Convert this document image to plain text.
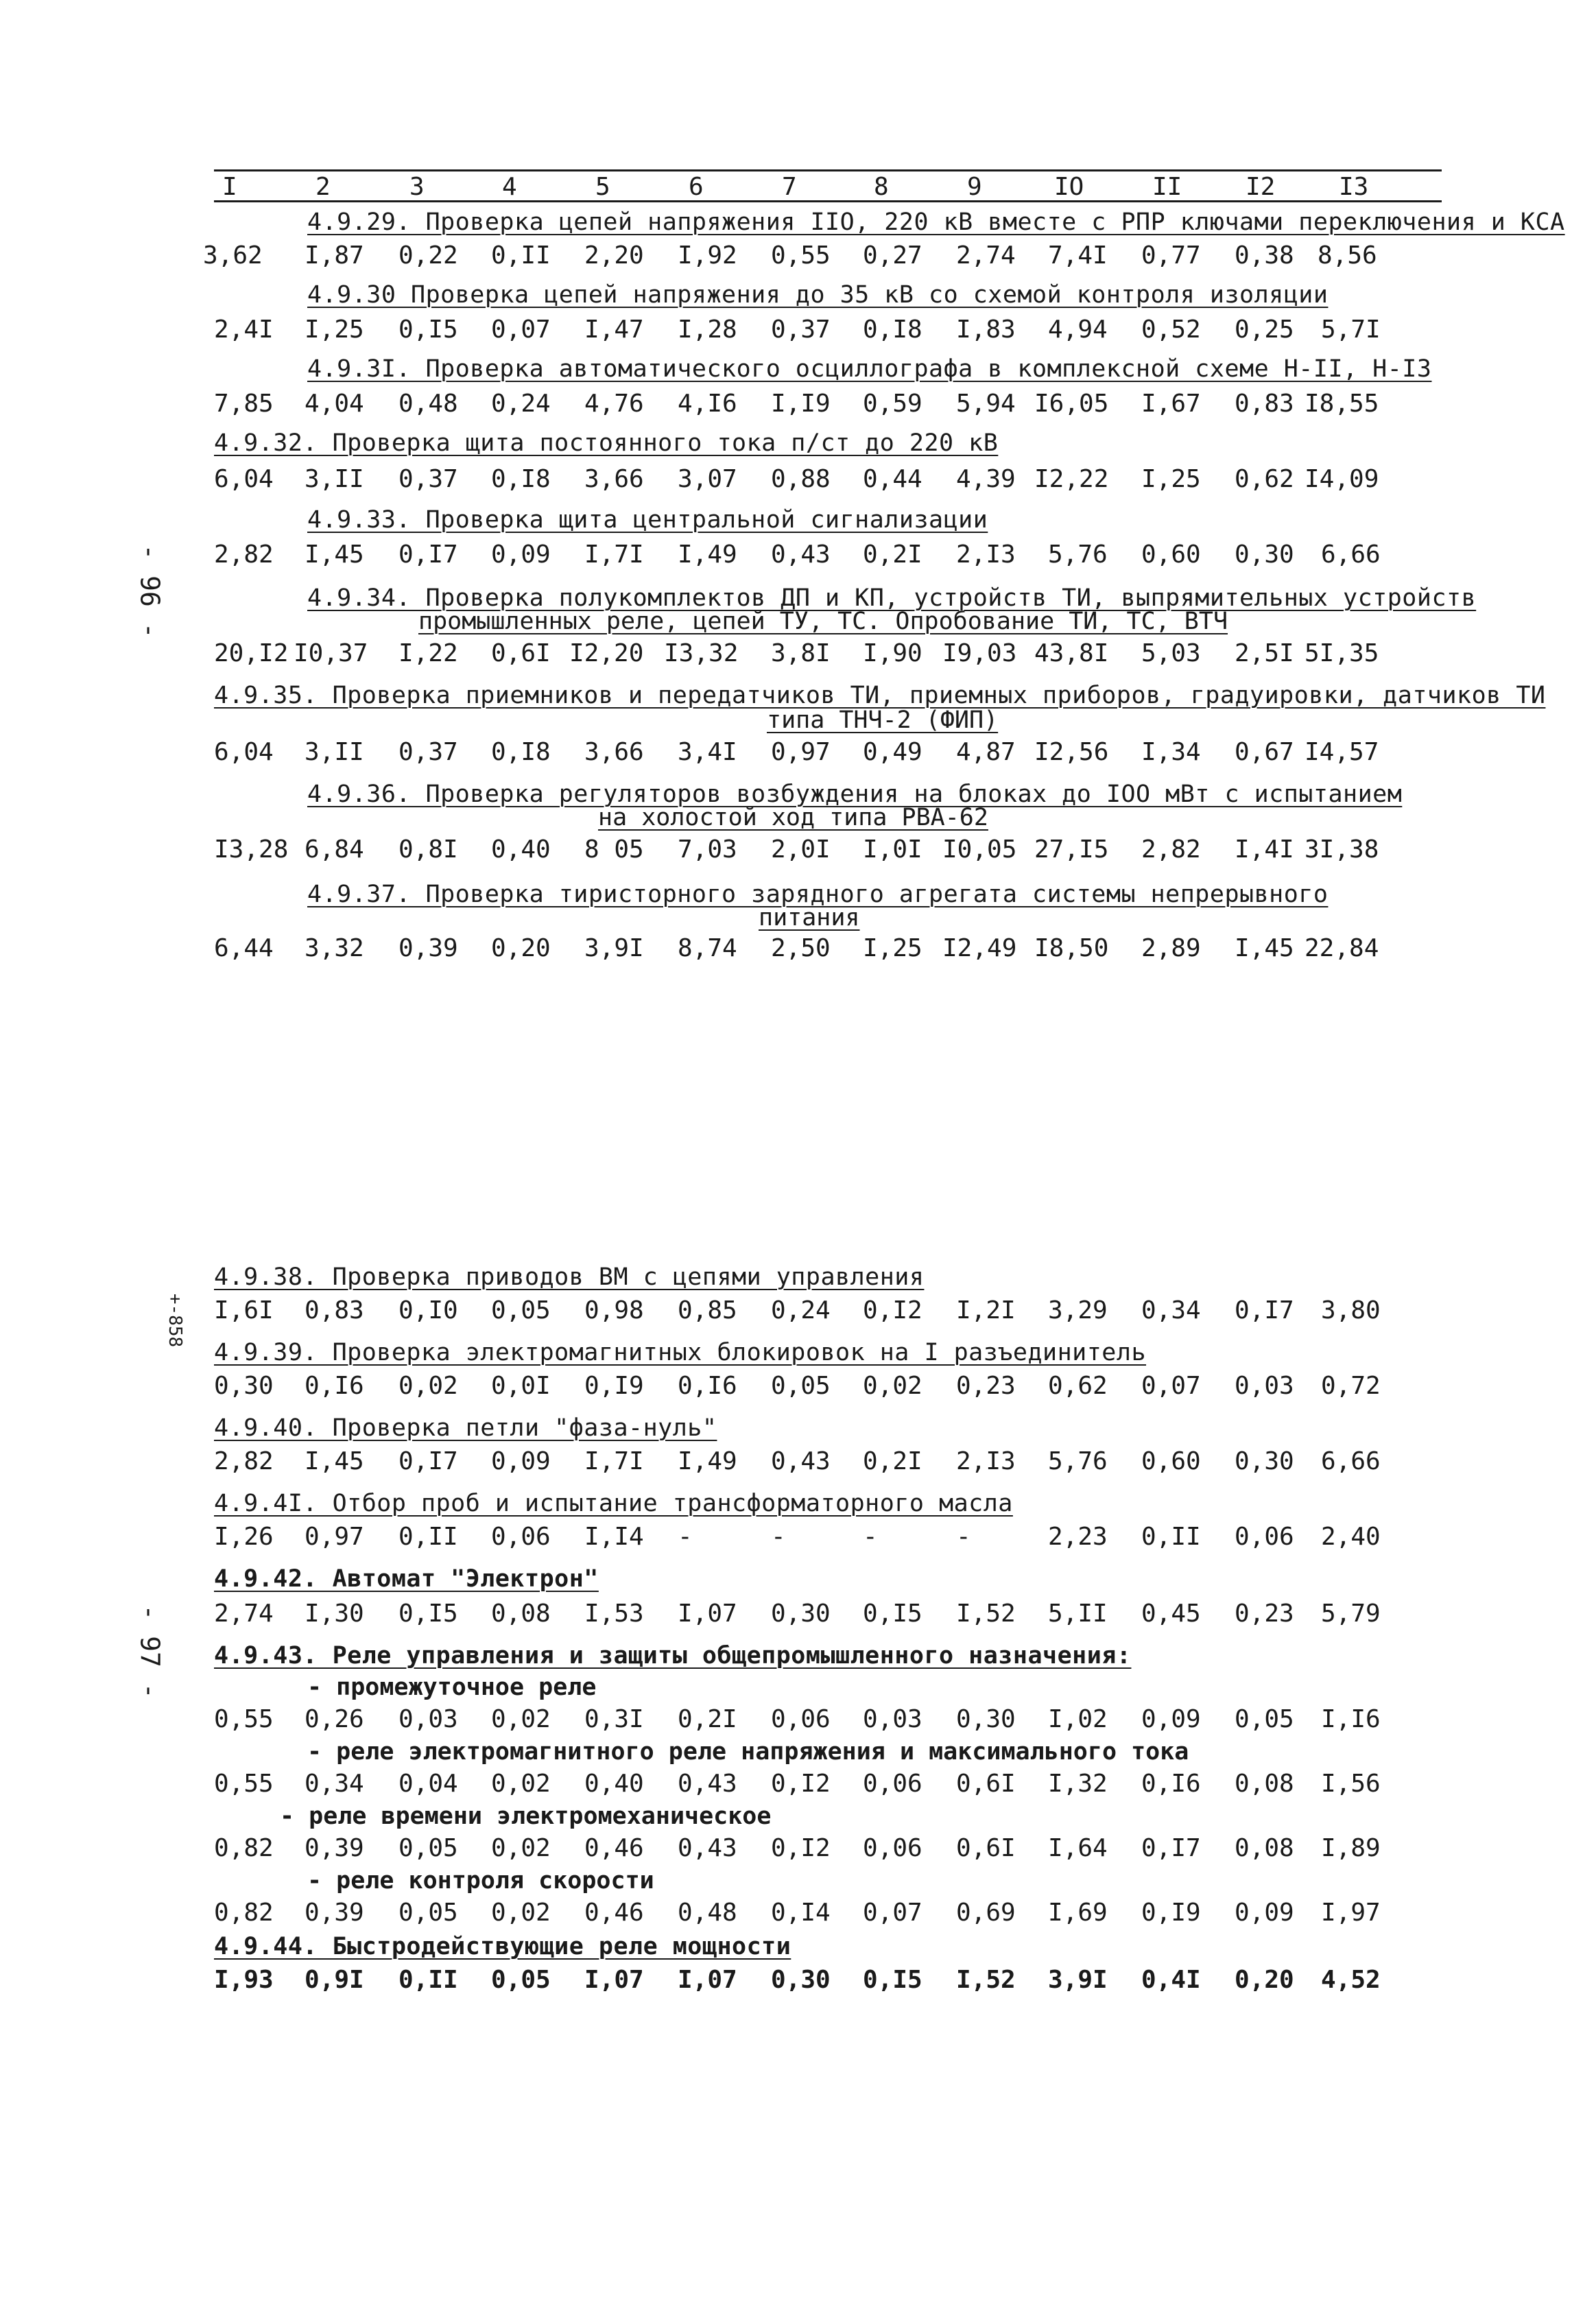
I	2	3	4	5	6	7	8	9	IO	II	I2	I3
4.9.29. Проверка цепей напряжения IIO, 220 кВ вместе с РПР ключами переключения и КСА
3,62 I,87 0,22 0,II 2,20 I,92 0,55 0,27 2,74 7,4I 0,77 0,38 8,56
4.9.30 Проверка цепей напряжения до 35 кВ со схемой контроля изоляции
2,4I I,25 0,I5 0,07 I,47 I,28 0,37 0,I8 I,83 4,94 0,52 0,25 5,7I
4.9.3I. Проверка автоматического осциллографа в комплексной схеме Н-II, Н-I3
7,85 4,04 0,48 0,24 4,76 4,I6 I,I9 0,59 5,94 I6,05 I,67 0,83 I8,55
4.9.32. Проверка щита постоянного тока п/ст до 220 кВ
6,04 3,II 0,37 0,I8 3,66 3,07 0,88 0,44 4,39 I2,22 I,25 0,62 I4,09
4.9.33. Проверка щита центральной сигнализации
2,82 I,45 0,I7 0,09 I,7I I,49 0,43 0,2I 2,I3 5,76 0,60 0,30 6,66
4.9.34. Проверка полукомплектов ДП и КП, устройств ТИ, выпрямительных устройств
промышленных реле, цепей ТУ, ТС. Опробование ТИ, ТС, ВТЧ
20,I2 I0,37 I,22 0,6I I2,20 I3,32 3,8I I,90 I9,03 43,8I 5,03 2,5I 5I,35
4.9.35. Проверка приемников и передатчиков ТИ, приемных приборов, градуировки, датчиков ТИ
типа ТНЧ-2 (ФИП)
6,04 3,II 0,37 0,I8 3,66 3,4I 0,97 0,49 4,87 I2,56 I,34 0,67 I4,57
4.9.36. Проверка регуляторов возбуждения на блоках до IOO мВт с испытанием
на холостой ход типа РВА-62
I3,28 6,84 0,8I 0,40 8 05 7,03 2,0I I,0I I0,05 27,I5 2,82 I,4I 3I,38
4.9.37. Проверка тиристорного зарядного агрегата системы непрерывного
питания
6,44 3,32 0,39 0,20 3,9I 8,74 2,50 I,25 I2,49 I8,50 2,89 I,45 22,84
- 96 -
+-858
- 97 -
4.9.38. Проверка приводов ВМ с цепями управления
I,6I 0,83 0,I0 0,05 0,98 0,85 0,24 0,I2 I,2I 3,29 0,34 0,I7 3,80
4.9.39. Проверка электромагнитных блокировок на I разъединитель
0,30 0,I6 0,02 0,0I 0,I9 0,I6 0,05 0,02 0,23 0,62 0,07 0,03 0,72
4.9.40. Проверка петли "фаза-нуль"
2,82 I,45 0,I7 0,09 I,7I I,49 0,43 0,2I 2,I3 5,76 0,60 0,30 6,66
4.9.4I. Отбор проб и испытание трансформаторного масла
I,26 0,97 0,II 0,06 I,I4 -	-	-	-	2,23 0,II 0,06 2,40
4.9.42. Автомат "Электрон"
2,74 I,30 0,I5 0,08 I,53 I,07 0,30 0,I5 I,52 5,II 0,45 0,23 5,79
4.9.43. Реле управления и защиты общепромышленного назначения:
- промежуточное реле
0,55 0,26 0,03 0,02 0,3I 0,2I 0,06 0,03 0,30 I,02 0,09 0,05 I,I6
- реле электромагнитного реле напряжения и максимального тока
0,55 0,34 0,04 0,02 0,40 0,43 0,I2 0,06 0,6I I,32 0,I6 0,08 I,56
- реле времени электромеханическое
0,82 0,39 0,05 0,02 0,46 0,43 0,I2 0,06 0,6I I,64 0,I7 0,08 I,89
- реле контроля скорости
0,82 0,39 0,05 0,02 0,46 0,48 0,I4 0,07 0,69 I,69 0,I9 0,09 I,97
4.9.44. Быстродействующие реле мощности
I,93 0,9I 0,II 0,05 I,07 I,07 0,30 0,I5 I,52 3,9I 0,4I 0,20 4,52
